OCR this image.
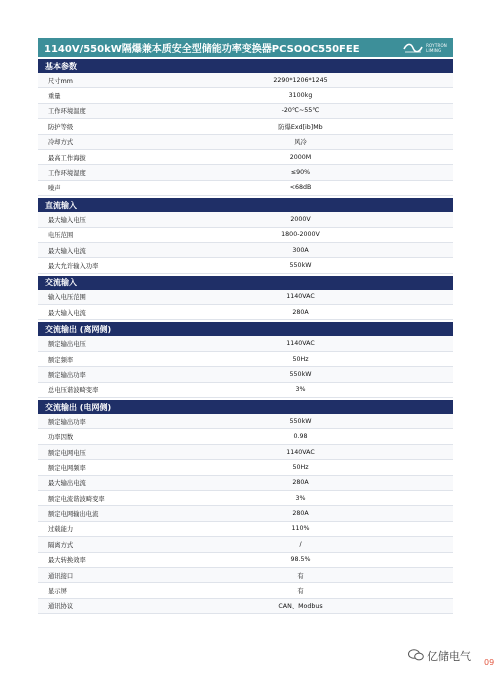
1140V/550kW隔爆兼本质安全型储能功率变换器PCSOOC550FEE	ROYTRON
LIMING
基本参数
尺寸mm	2290*1206*1245
重量	3100kg
工作环境温度	-20℃~55℃
防护等级	防爆Exd[ib]Mb
冷却方式	风冷
最高工作海拔	2000M
工作环境湿度	≤90%
噪声	<68dB
直流输入
最大输入电压	2000V
电压范围	1800-2000V
最大输入电流	300A
最大允许输入功率	550kW
交流输入
输入电压范围	1140VAC
最大输入电流	280A
交流输出 (离网侧)
额定输出电压	1140VAC
额定频率	50Hz
额定输出功率	550kW
总电压谐波畸变率	3%
交流输出 (电网侧)
额定输出功率	550kW
功率因数	0.98
额定电网电压	1140VAC
额定电网频率	50Hz
最大输出电流	280A
额定电流谐波畸变率	3%
额定电网输出电流	280A
过载能力	110%
隔离方式	/
最大转换效率	98.5%
通讯接口	有
显示屏	有
通讯协议	CAN、Modbus
亿储电气 09
